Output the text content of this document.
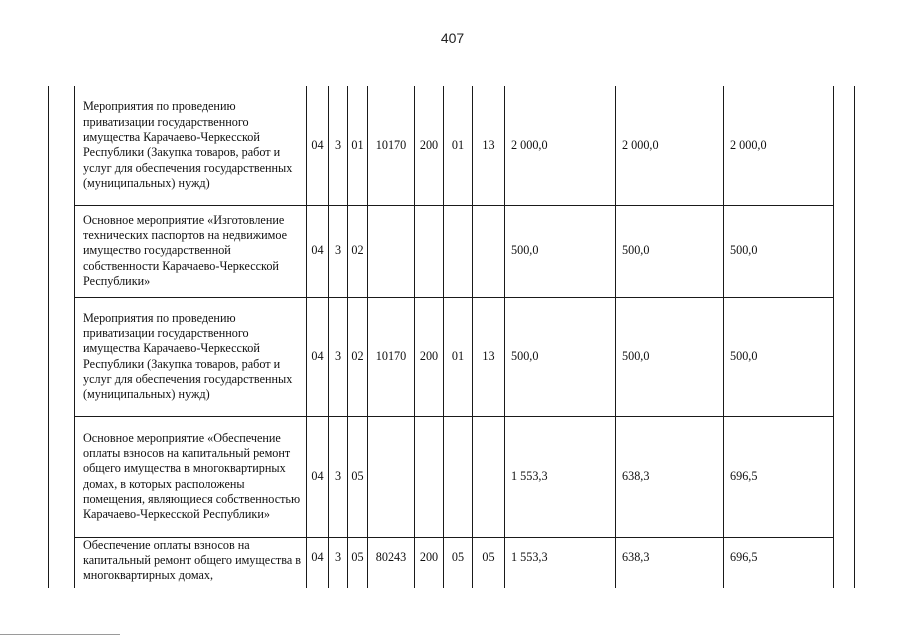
407
	Мероприятия по проведению приватизации государственного имущества Карачаево-Черкесской Республики (Закупка товаров, работ и услуг для обеспечения государственных (муниципальных) нужд)	04	3	01	10170	200	01	13	2 000,0	2 000,0	2 000,0	
	Основное мероприятие «Изготовление технических паспортов на недвижимое имущество государственной собственности Карачаево-Черкесской Республики»	04	3	02					500,0	500,0	500,0	
	Мероприятия по проведению приватизации государственного имущества Карачаево-Черкесской Республики (Закупка товаров, работ и услуг для обеспечения государственных (муниципальных) нужд)	04	3	02	10170	200	01	13	500,0	500,0	500,0	
	Основное мероприятие «Обеспечение оплаты взносов на капитальный ремонт общего имущества в многоквартирных домах, в которых расположены помещения, являющиеся собственностью Карачаево-Черкесской Республики»	04	3	05					1 553,3	638,3	696,5	
	Обеспечение оплаты взносов на капитальный ремонт общего имущества в многоквартирных домах,	04	3	05	80243	200	05	05	1 553,3	638,3	696,5	
